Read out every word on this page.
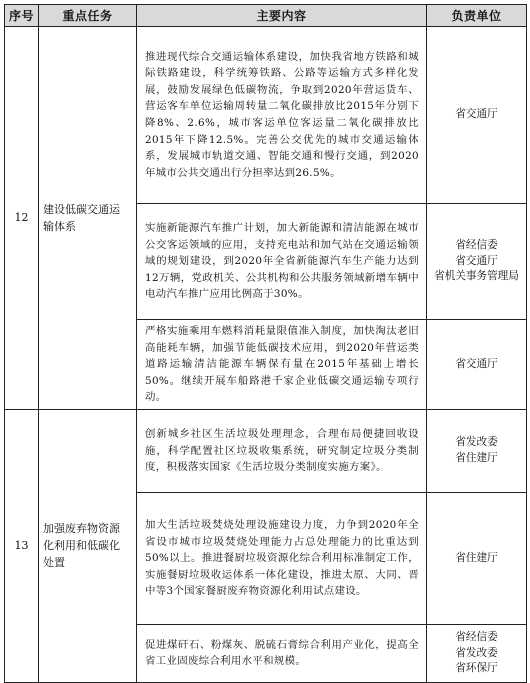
序号	重点任务	主要内容	负责单位
12	建设低碳交通运输体系	推进现代综合交通运输体系建设，加快我省地方铁路和城际铁路建设，科学统筹铁路、公路等运输方式多样化发展，鼓励发展绿色低碳物流，争取到2020年营运货车、营运客车单位运输周转量二氧化碳排放比2015年分别下降8%、2.6%，城市客运单位客运量二氧化碳排放比2015年下降12.5%。完善公交优先的城市交通运输体系，发展城市轨道交通、智能交通和慢行交通，到2020年城市公共交通出行分担率达到26.5%。	省交通厅

		实施新能源汽车推广计划，加大新能源和清洁能源在城市公交客运领域的应用，支持充电站和加气站在交通运输领域的规划建设，到2020年全省新能源汽车生产能力达到12万辆，党政机关、公共机构和公共服务领域新增车辆中电动汽车推广应用比例高于30%。	省经信委
省交通厅
省机关事务管理局

		严格实施乘用车燃料消耗量限值准入制度，加快淘汰老旧高能耗车辆，加强节能低碳技术应用，到2020年营运类道路运输清洁能源车辆保有量在2015年基础上增长50%。继续开展车船路港千家企业低碳交通运输专项行动。	省交通厅

13	加强废弃物资源化利用和低碳化处置	创新城乡社区生活垃圾处理理念，合理布局便捷回收设施，科学配置社区垃圾收集系统，研究制定垃圾分类制度，积极落实国家《生活垃圾分类制度实施方案》。	省发改委
省住建厅

		加大生活垃圾焚烧处理设施建设力度，力争到2020年全省设市城市垃圾焚烧处理能力占总处理能力的比重达到50%以上。推进餐厨垃圾资源化综合利用标准制定工作，实施餐厨垃圾收运体系一体化建设，推进太原、大同、晋中等3个国家餐厨废弃物资源化利用试点建设。	省住建厅

		促进煤矸石、粉煤灰、脱硫石膏综合利用产业化，提高全省工业固废综合利用水平和规模。	省经信委
省发改委
省环保厅
